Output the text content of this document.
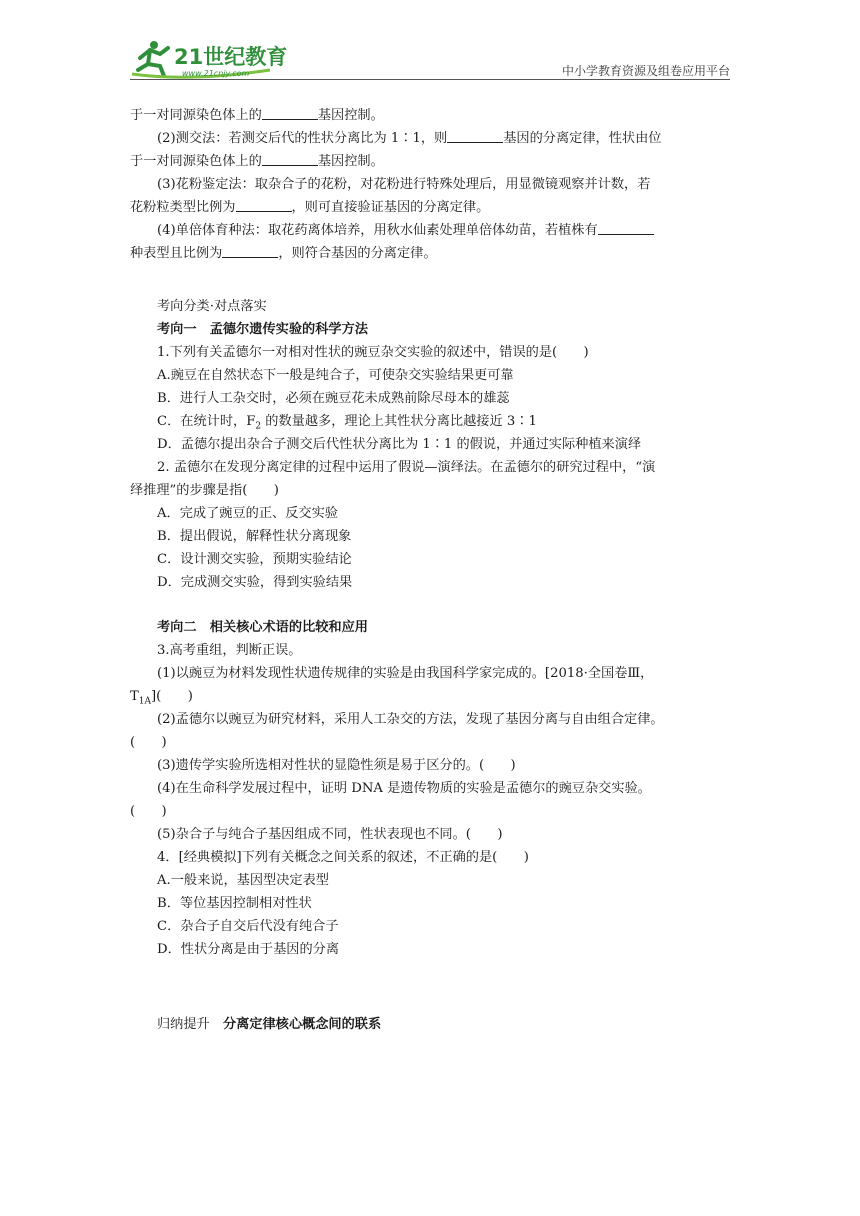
21世纪教育
www.21cnjy.com	中小学教育资源及组卷应用平台
于一对同源染色体上的	基因控制。
(2)测交法：若测交后代的性状分离比为 1∶1，则	基因的分离定律，性状由位
于一对同源染色体上的	基因控制。
(3)花粉鉴定法：取杂合子的花粉，对花粉进行特殊处理后，用显微镜观察并计数，若
花粉粒类型比例为	，则可直接验证基因的分离定律。
(4)单倍体育种法：取花药离体培养，用秋水仙素处理单倍体幼苗，若植株有
种表型且比例为	，则符合基因的分离定律。
考向分类·对点落实
考向一　孟德尔遗传实验的科学方法
1.下列有关孟德尔一对相对性状的豌豆杂交实验的叙述中，错误的是(　　)
A.豌豆在自然状态下一般是纯合子，可使杂交实验结果更可靠
B．进行人工杂交时，必须在豌豆花未成熟前除尽母本的雄蕊
C．在统计时，$F_2$ 的数量越多，理论上其性状分离比越接近 3∶1
D．孟德尔提出杂合子测交后代性状分离比为 1∶1 的假说，并通过实际种植来演绎
2. 孟德尔在发现分离定律的过程中运用了假说—演绎法。在孟德尔的研究过程中，“演
绎推理”的步骤是指(　　)
A．完成了豌豆的正、反交实验
B．提出假说，解释性状分离现象
C．设计测交实验，预期实验结论
D．完成测交实验，得到实验结果
考向二　相关核心术语的比较和应用
3.高考重组，判断正误。
(1)以豌豆为材料发现性状遗传规律的实验是由我国科学家完成的。[2018·全国卷Ⅲ，
$T_{1A}$](　　)
(2)孟德尔以豌豆为研究材料，采用人工杂交的方法，发现了基因分离与自由组合定律。
(　　)
(3)遗传学实验所选相对性状的显隐性须是易于区分的。(　　)
(4)在生命科学发展过程中，证明 DNA 是遗传物质的实验是孟德尔的豌豆杂交实验。
(　　)
(5)杂合子与纯合子基因组成不同，性状表现也不同。(　　)
4．[经典模拟]下列有关概念之间关系的叙述，不正确的是(　　)
A.一般来说，基因型决定表型
B．等位基因控制相对性状
C．杂合子自交后代没有纯合子
D．性状分离是由于基因的分离
归纳提升　分离定律核心概念间的联系
